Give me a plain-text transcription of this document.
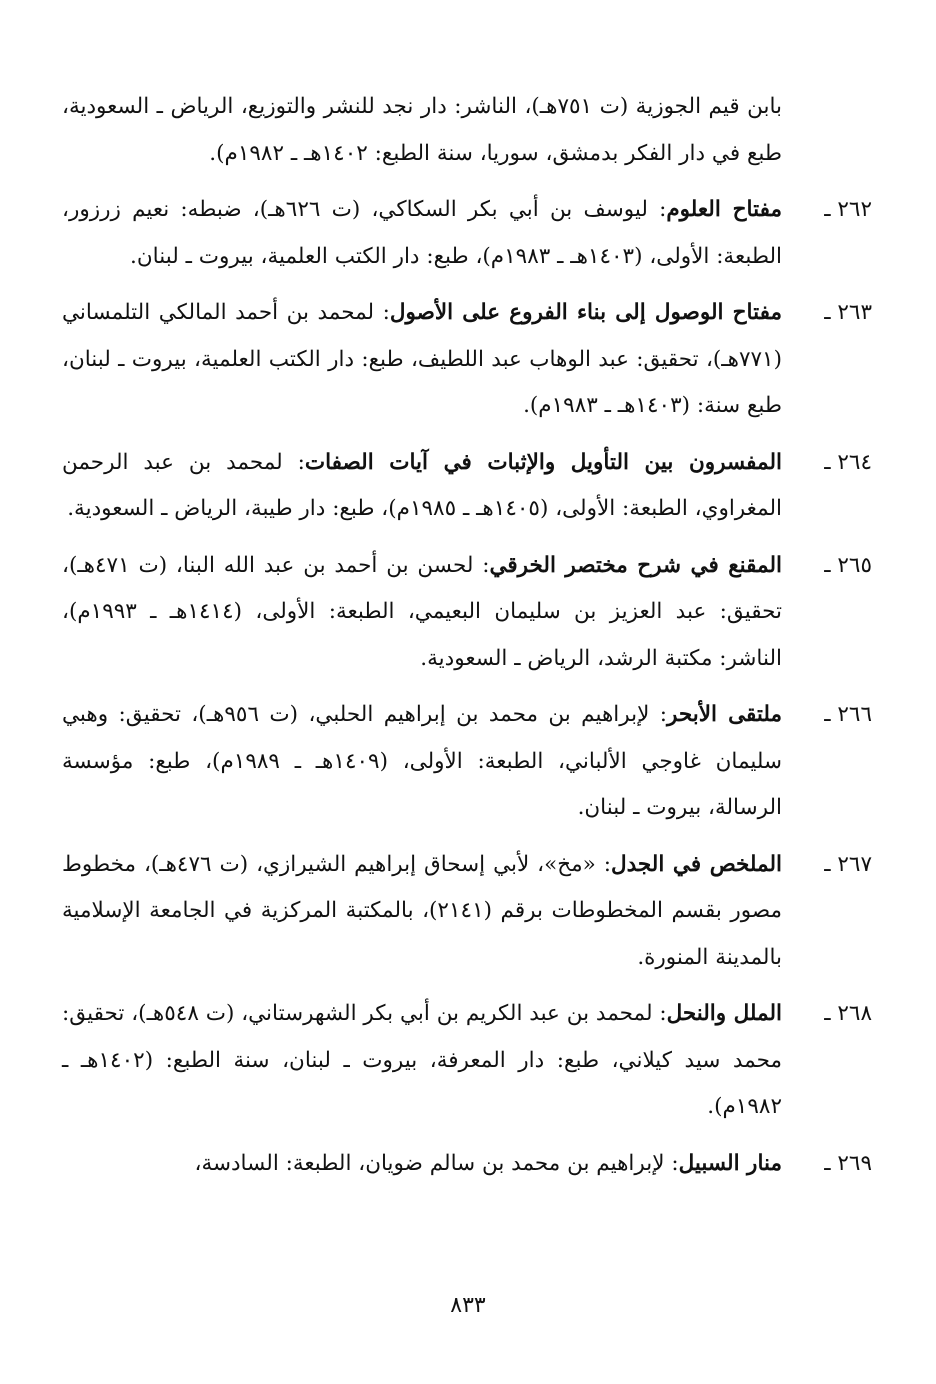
بابن قيم الجوزية (ت ٧٥١هـ)، الناشر: دار نجد للنشر والتوزيع، الرياض ـ السعودية، طبع في دار الفكر بدمشق، سوريا، سنة الطبع: ١٤٠٢هـ ـ ١٩٨٢م).
٢٦٢ ـ
مفتاح العلوم: ليوسف بن أبي بكر السكاكي، (ت ٦٢٦هـ)، ضبطه: نعيم زرزور، الطبعة: الأولى، (١٤٠٣هـ ـ ١٩٨٣م)، طبع: دار الكتب العلمية، بيروت ـ لبنان.
٢٦٣ ـ
مفتاح الوصول إلى بناء الفروع على الأصول: لمحمد بن أحمد المالكي التلمساني (٧٧١هـ)، تحقيق: عبد الوهاب عبد اللطيف، طبع: دار الكتب العلمية، بيروت ـ لبنان، طبع سنة: (١٤٠٣هـ ـ ١٩٨٣م).
٢٦٤ ـ
المفسرون بين التأويل والإثبات في آيات الصفات: لمحمد بن عبد الرحمن المغراوي، الطبعة: الأولى، (١٤٠٥هـ ـ ١٩٨٥م)، طبع: دار طيبة، الرياض ـ السعودية.
٢٦٥ ـ
المقنع في شرح مختصر الخرقي: لحسن بن أحمد بن عبد الله البنا، (ت ٤٧١هـ)، تحقيق: عبد العزيز بن سليمان البعيمي، الطبعة: الأولى، (١٤١٤هـ ـ ١٩٩٣م)، الناشر: مكتبة الرشد، الرياض ـ السعودية.
٢٦٦ ـ
ملتقى الأبحر: لإبراهيم بن محمد بن إبراهيم الحلبي، (ت ٩٥٦هـ)، تحقيق: وهبي سليمان غاوجي الألباني، الطبعة: الأولى، (١٤٠٩هـ ـ ١٩٨٩م)، طبع: مؤسسة الرسالة، بيروت ـ لبنان.
٢٦٧ ـ
الملخص في الجدل: «مخ»، لأبي إسحاق إبراهيم الشيرازي، (ت ٤٧٦هـ)، مخطوط مصور بقسم المخطوطات برقم (٢١٤١)، بالمكتبة المركزية في الجامعة الإسلامية بالمدينة المنورة.
٢٦٨ ـ
الملل والنحل: لمحمد بن عبد الكريم بن أبي بكر الشهرستاني، (ت ٥٤٨هـ)، تحقيق: محمد سيد كيلاني، طبع: دار المعرفة، بيروت ـ لبنان، سنة الطبع: (١٤٠٢هـ ـ ١٩٨٢م).
٢٦٩ ـ
منار السبيل: لإبراهيم بن محمد بن سالم ضويان، الطبعة: السادسة،
٨٣٣
